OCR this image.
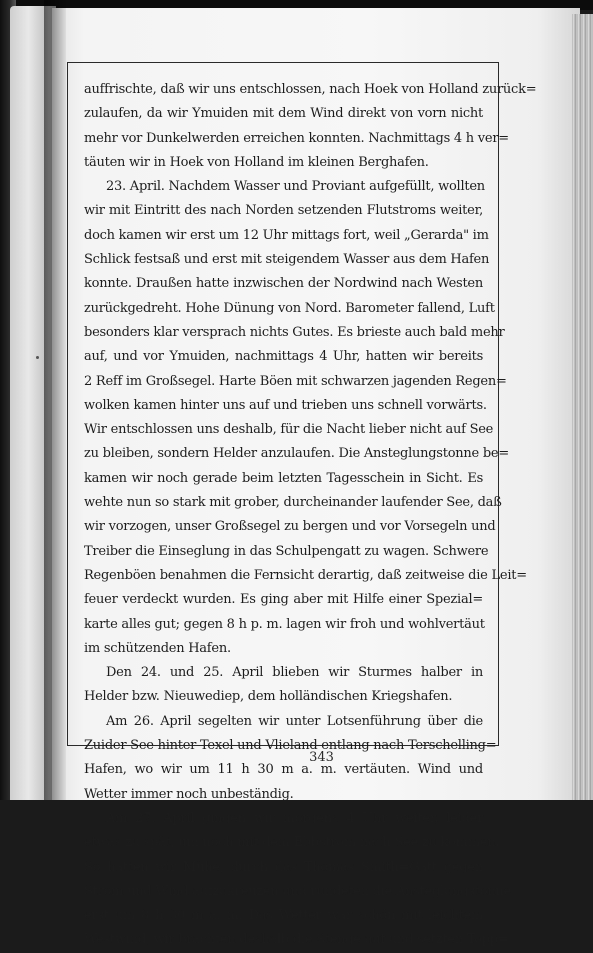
auffrischte, daß wir uns entschlossen, nach Hoek von Holland zurück=
zulaufen, da wir Ymuiden mit dem Wind direkt von vorn nicht
mehr vor Dunkelwerden erreichen konnten. Nachmittags 4 h ver=
täuten wir in Hoek von Holland im kleinen Berghafen.
23. April. Nachdem Wasser und Proviant aufgefüllt, wollten
wir mit Eintritt des nach Norden setzenden Flutstroms weiter,
doch kamen wir erst um 12 Uhr mittags fort, weil „Gerarda" im
Schlick festsaß und erst mit steigendem Wasser aus dem Hafen
konnte. Draußen hatte inzwischen der Nordwind nach Westen
zurückgedreht. Hohe Dünung von Nord. Barometer fallend, Luft
besonders klar versprach nichts Gutes. Es brieste auch bald mehr
auf, und vor Ymuiden, nachmittags 4 Uhr, hatten wir bereits
2 Reff im Großsegel. Harte Böen mit schwarzen jagenden Regen=
wolken kamen hinter uns auf und trieben uns schnell vorwärts.
Wir entschlossen uns deshalb, für die Nacht lieber nicht auf See
zu bleiben, sondern Helder anzulaufen. Die Ansteglungstonne be=
kamen wir noch gerade beim letzten Tagesschein in Sicht. Es
wehte nun so stark mit grober, durcheinander laufender See, daß
wir vorzogen, unser Großsegel zu bergen und vor Vorsegeln und
Treiber die Einseglung in das Schulpengatt zu wagen. Schwere
Regenböen benahmen die Fernsicht derartig, daß zeitweise die Leit=
feuer verdeckt wurden. Es ging aber mit Hilfe einer Spezial=
karte alles gut; gegen 8 h p. m. lagen wir froh und wohlvertäut
im schützenden Hafen.
Den 24. und 25. April blieben wir Sturmes halber in
Helder bzw. Nieuwediep, dem holländischen Kriegshafen.
Am 26. April segelten wir unter Lotsenführung über die
Zuider See hinter Texel und Vlieland entlang nach Terschelling=
Hafen, wo wir um 11 h 30 m a. m. vertäuten. Wind und
Wetter immer noch unbeständig.
Am 27. April gingen wir morgens 4 Uhr weiter, leider
etwas zu spät, um noch mit dem Ebbstrom nach See zu kommen.
So hatten wir Mühe, durch das Thomas Smith=Gatt gegen
Strom und Wind aufzukreuzen und rundeten die Ansteglungstonne
erst um 8 h 30 m a. m. Das Wetter war schön mit leichtem
Westwind, wir brachten deshalb die Stenge auf und setzten Topp=
343
